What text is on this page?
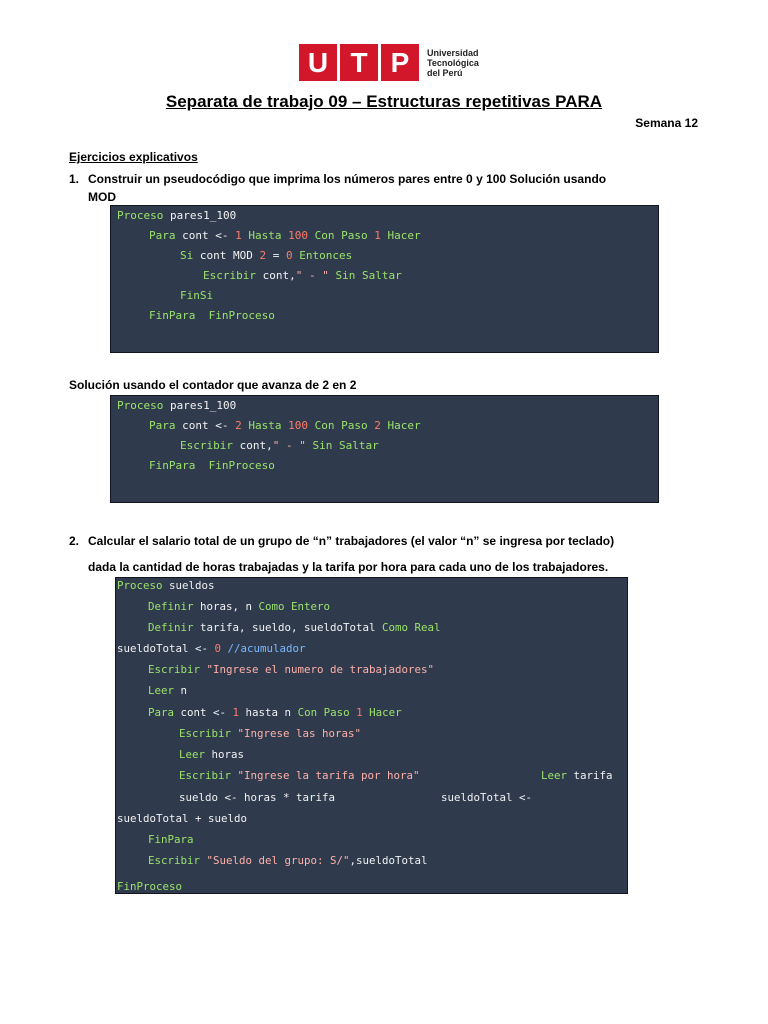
U T P	Universidad
Tecnológica
del Perú
Separata de trabajo 09 – Estructuras repetitivas PARA
Semana 12
Ejercicios explicativos
1. Construir un pseudocódigo que imprima los números pares entre 0 y 100 Solución usando
MOD
Proceso pares1_100
Para cont <- 1 Hasta 100 Con Paso 1 Hacer
Si cont MOD 2 = 0 Entonces
Escribir cont," - " Sin Saltar
FinSi
FinPara  FinProceso
Solución usando el contador que avanza de 2 en 2
Proceso pares1_100
Para cont <- 2 Hasta 100 Con Paso 2 Hacer
Escribir cont," - " Sin Saltar
FinPara  FinProceso
2. Calcular el salario total de un grupo de “n” trabajadores (el valor “n” se ingresa por teclado)
dada la cantidad de horas trabajadas y la tarifa por hora para cada uno de los trabajadores.
Proceso sueldos
Definir horas, n Como Entero
Definir tarifa, sueldo, sueldoTotal Como Real
sueldoTotal <- 0 //acumulador
Escribir "Ingrese el numero de trabajadores"
Leer n
Para cont <- 1 hasta n Con Paso 1 Hacer
Escribir "Ingrese las horas"
Leer horas
Escribir "Ingrese la tarifa por hora"	Leer tarifa
sueldo <- horas * tarifa	sueldoTotal <-
sueldoTotal + sueldo
FinPara
Escribir "Sueldo del grupo: S/",sueldoTotal
FinProceso
